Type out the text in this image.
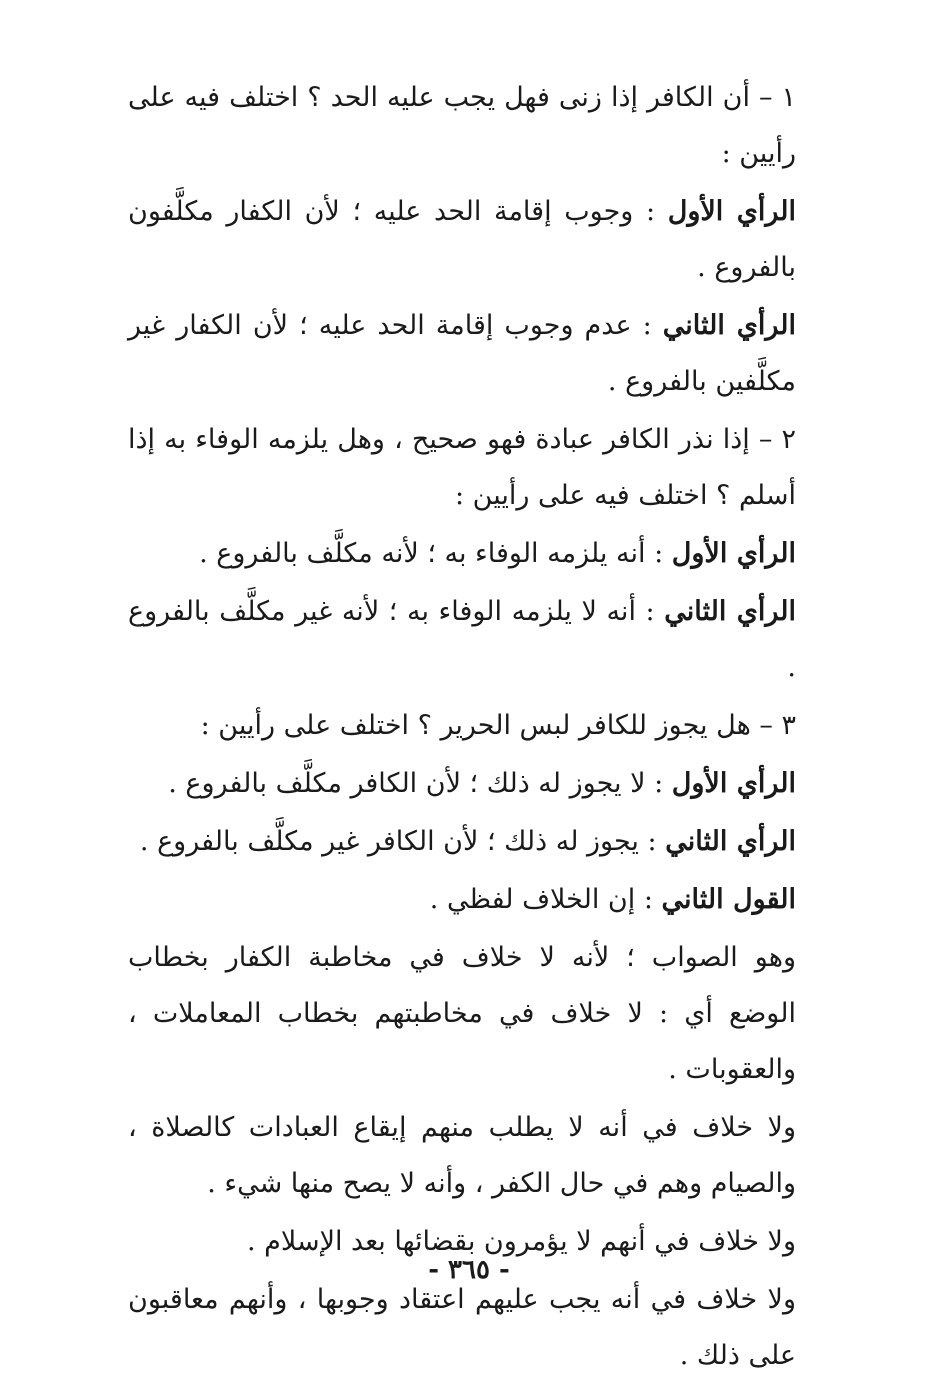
١ – أن الكافر إذا زنى فهل يجب عليه الحد ؟ اختلف فيه على رأيين :

الرأي الأول : وجوب إقامة الحد عليه ؛ لأن الكفار مكلَّفون بالفروع .

الرأي الثاني : عدم وجوب إقامة الحد عليه ؛ لأن الكفار غير مكلَّفين بالفروع .

٢ – إذا نذر الكافر عبادة فهو صحيح ، وهل يلزمه الوفاء به إذا أسلم ؟ اختلف فيه على رأيين :

الرأي الأول : أنه يلزمه الوفاء به ؛ لأنه مكلَّف بالفروع .

الرأي الثاني : أنه لا يلزمه الوفاء به ؛ لأنه غير مكلَّف بالفروع .

٣ – هل يجوز للكافر لبس الحرير ؟ اختلف على رأيين :

الرأي الأول : لا يجوز له ذلك ؛ لأن الكافر مكلَّف بالفروع .

الرأي الثاني : يجوز له ذلك ؛ لأن الكافر غير مكلَّف بالفروع .

القول الثاني : إن الخلاف لفظي .

وهو الصواب ؛ لأنه لا خلاف في مخاطبة الكفار بخطاب الوضع أي : لا خلاف في مخاطبتهم بخطاب المعاملات ، والعقوبات .

ولا خلاف في أنه لا يطلب منهم إيقاع العبادات كالصلاة ، والصيام وهم في حال الكفر ، وأنه لا يصح منها شيء .

ولا خلاف في أنهم لا يؤمرون بقضائها بعد الإسلام .

ولا خلاف في أنه يجب عليهم اعتقاد وجوبها ، وأنهم معاقبون على ذلك .

- ٣٦٥ -
